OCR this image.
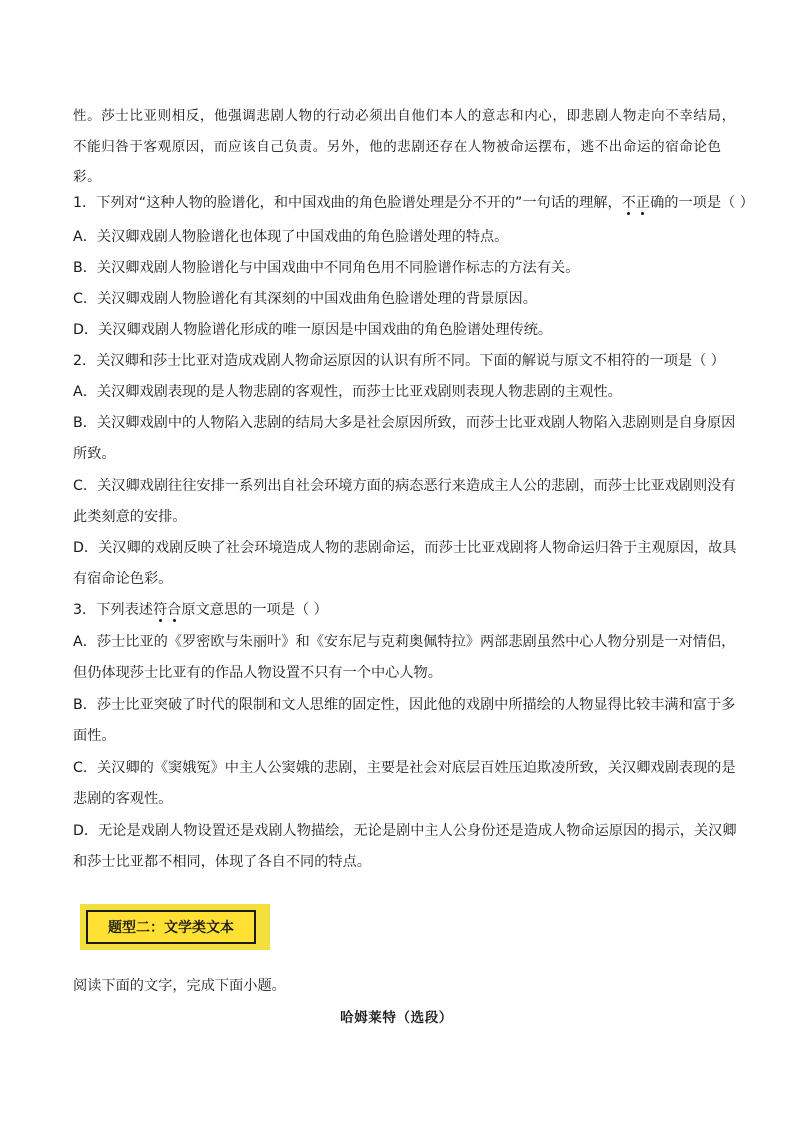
性。莎士比亚则相反，他强调悲剧人物的行动必须出自他们本人的意志和内心，即悲剧人物走向不幸结局，
不能归咎于客观原因，而应该自己负责。另外，他的悲剧还存在人物被命运摆布，逃不出命运的宿命论色
彩。
1．下列对“这种人物的脸谱化，和中国戏曲的角色脸谱处理是分不开的”一句话的理解，不正确的一项是（ ）
A．关汉卿戏剧人物脸谱化也体现了中国戏曲的角色脸谱处理的特点。
B．关汉卿戏剧人物脸谱化与中国戏曲中不同角色用不同脸谱作标志的方法有关。
C．关汉卿戏剧人物脸谱化有其深刻的中国戏曲角色脸谱处理的背景原因。
D．关汉卿戏剧人物脸谱化形成的唯一原因是中国戏曲的角色脸谱处理传统。
2．关汉卿和莎士比亚对造成戏剧人物命运原因的认识有所不同。下面的解说与原文不相符的一项是（ ）
A．关汉卿戏剧表现的是人物悲剧的客观性，而莎士比亚戏剧则表现人物悲剧的主观性。
B．关汉卿戏剧中的人物陷入悲剧的结局大多是社会原因所致，而莎士比亚戏剧人物陷入悲剧则是自身原因
所致。
C．关汉卿戏剧往往安排一系列出自社会环境方面的病态恶行来造成主人公的悲剧，而莎士比亚戏剧则没有
此类刻意的安排。
D．关汉卿的戏剧反映了社会环境造成人物的悲剧命运，而莎士比亚戏剧将人物命运归咎于主观原因，故具
有宿命论色彩。
3．下列表述符合原文意思的一项是（ ）
A．莎士比亚的《罗密欧与朱丽叶》和《安东尼与克莉奥佩特拉》两部悲剧虽然中心人物分别是一对情侣，
但仍体现莎士比亚有的作品人物设置不只有一个中心人物。
B．莎士比亚突破了时代的限制和文人思维的固定性，因此他的戏剧中所描绘的人物显得比较丰满和富于多
面性。
C．关汉卿的《窦娥冤》中主人公窦娥的悲剧，主要是社会对底层百姓压迫欺凌所致，关汉卿戏剧表现的是
悲剧的客观性。
D．无论是戏剧人物设置还是戏剧人物描绘，无论是剧中主人公身份还是造成人物命运原因的揭示，关汉卿
和莎士比亚都不相同，体现了各自不同的特点。
题型二：文学类文本
阅读下面的文字，完成下面小题。
哈姆莱特（选段）
